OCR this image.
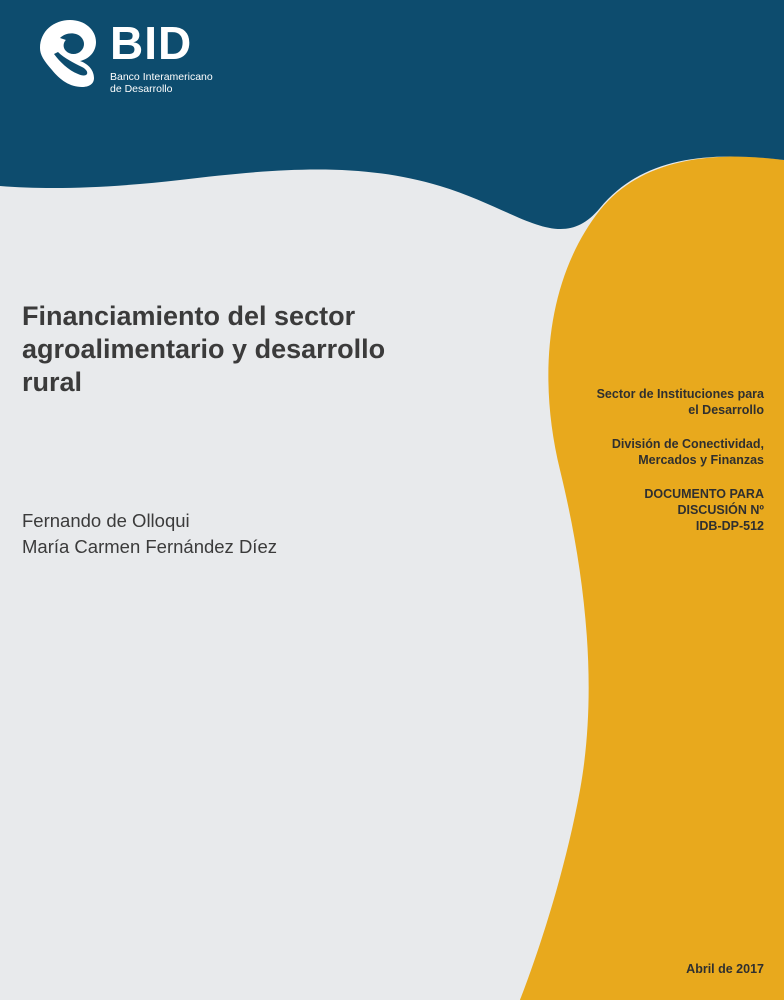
BID
Banco Interamericano
de Desarrollo
Financiamiento del sector agroalimentario y desarrollo rural
Fernando de Olloqui
María Carmen Fernández Díez
Sector de Instituciones para
el Desarrollo
División de Conectividad,
Mercados y Finanzas
DOCUMENTO PARA
DISCUSIÓN Nº
IDB-DP-512
Abril de 2017
